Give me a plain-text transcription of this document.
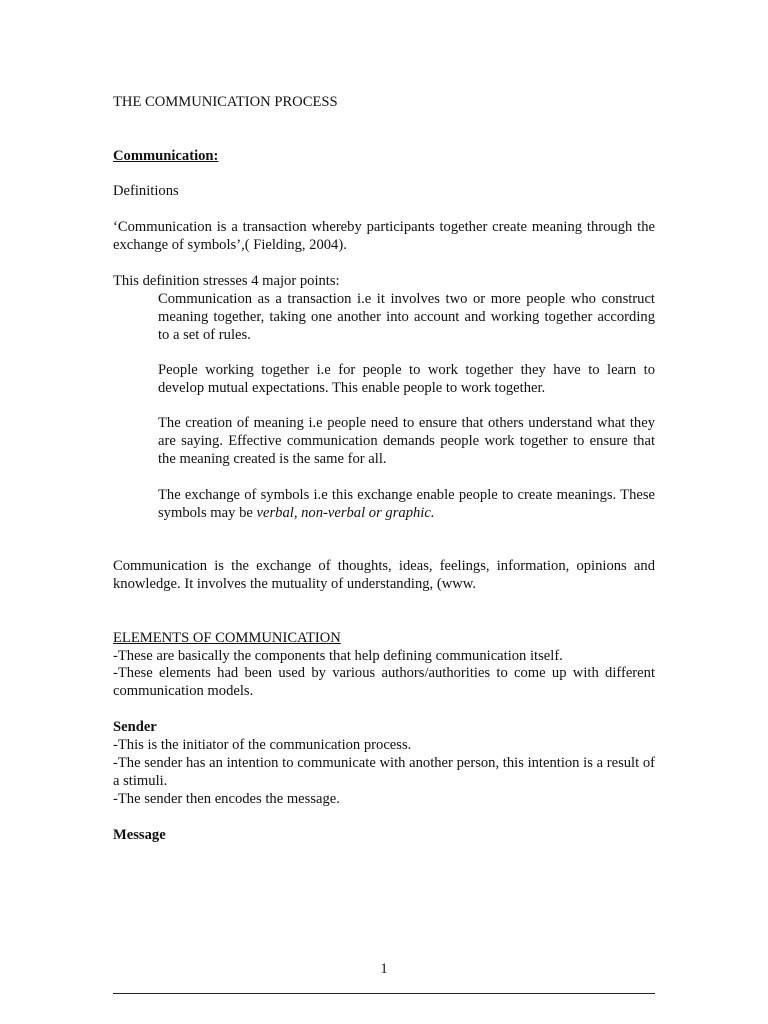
THE COMMUNICATION PROCESS

Communication:

Definitions

‘Communication is a transaction whereby participants together create meaning through the exchange of symbols’,( Fielding, 2004).

This definition stresses 4 major points:

Communication as a transaction i.e it involves two or more people who construct meaning together, taking one another into account and working together according to a set of rules.

People working together i.e for people to work together they have to learn to develop mutual expectations. This enable people to work together.

The creation of meaning i.e people need to ensure that others understand what they are saying. Effective communication demands people work together to ensure that the meaning created is the same for all.

The exchange of symbols i.e this exchange enable people to create meanings. These symbols may be verbal, non-verbal or graphic.

Communication is the exchange of thoughts, ideas, feelings, information, opinions and knowledge. It involves the mutuality of understanding, (www.

ELEMENTS OF COMMUNICATION

-These are basically the components that help defining communication itself.

-These elements had been used by various authors/authorities to come up with different communication models.

Sender

-This is the initiator of the communication process.

-The sender has an intention to communicate with another person, this intention is a result of a stimuli.

-The sender then encodes the message.

Message

1
